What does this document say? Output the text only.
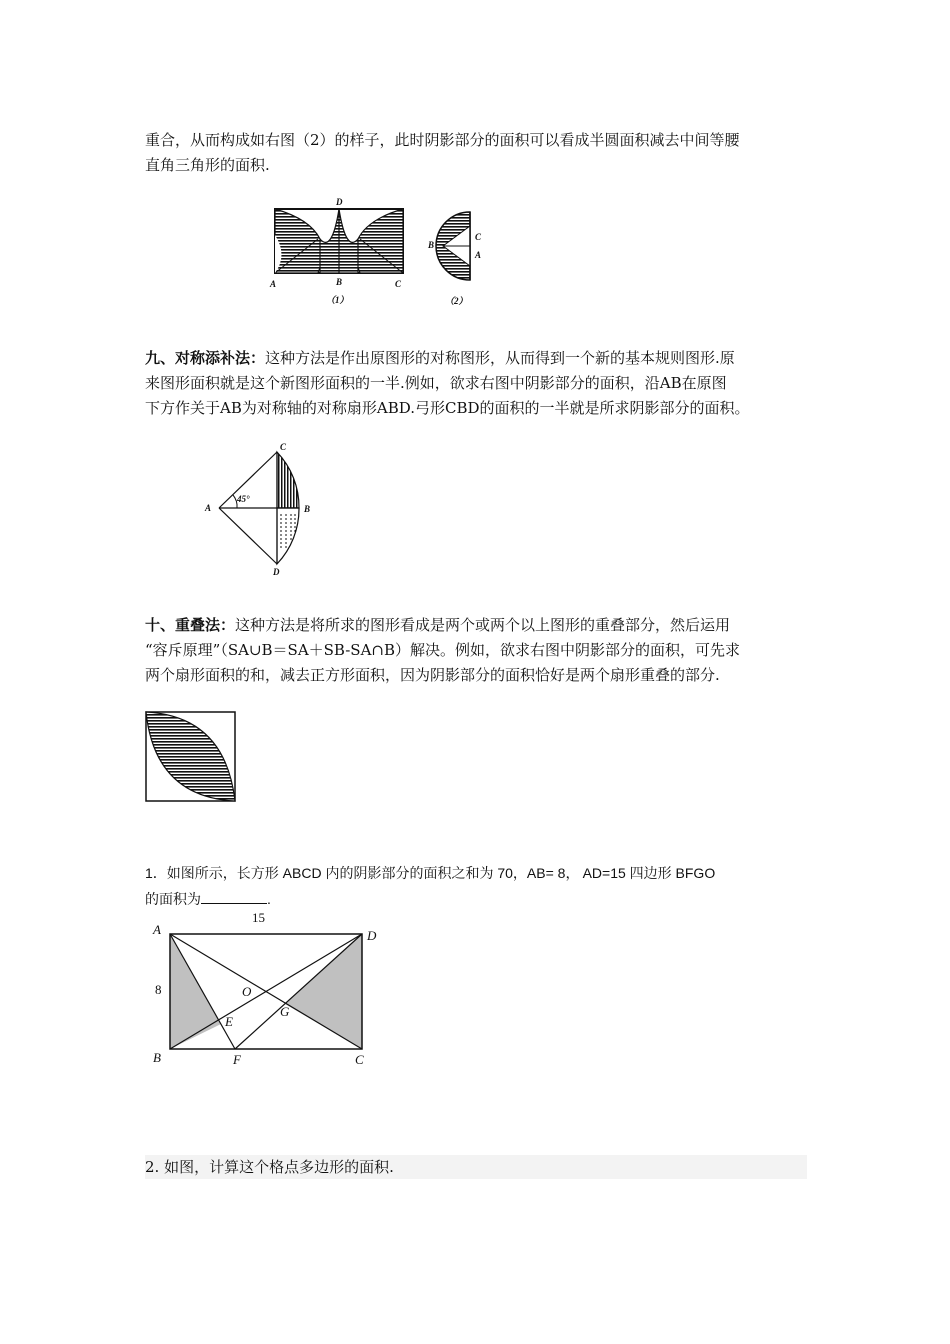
重合，从而构成如右图（2）的样子，此时阴影部分的面积可以看成半圆面积减去中间等腰
直角三角形的面积.

D
A	B	C
（1）
B
C
A
（2）

九、对称添补法：这种方法是作出原图形的对称图形，从而得到一个新的基本规则图形.原
来图形面积就是这个新图形面积的一半.例如，欲求右图中阴影部分的面积，沿AB在原图
下方作关于AB为对称轴的对称扇形ABD.弓形CBD的面积的一半就是所求阴影部分的面积。

45°
C
A	B
D

十、重叠法：这种方法是将所求的图形看成是两个或两个以上图形的重叠部分，然后运用
“容斥原理”（SA∪B＝SA＋SB-SA∩B）解决。例如，欲求右图中阴影部分的面积，可先求
两个扇形面积的和，减去正方形面积，因为阴影部分的面积恰好是两个扇形重叠的部分.

1．如图所示，长方形 ABCD 内的阴影部分的面积之和为 70，AB= 8， AD=15 四边形 BFGO
的面积为	.

A	D
B	C
O
E
G
F
15
8
2. 如图，计算这个格点多边形的面积.
